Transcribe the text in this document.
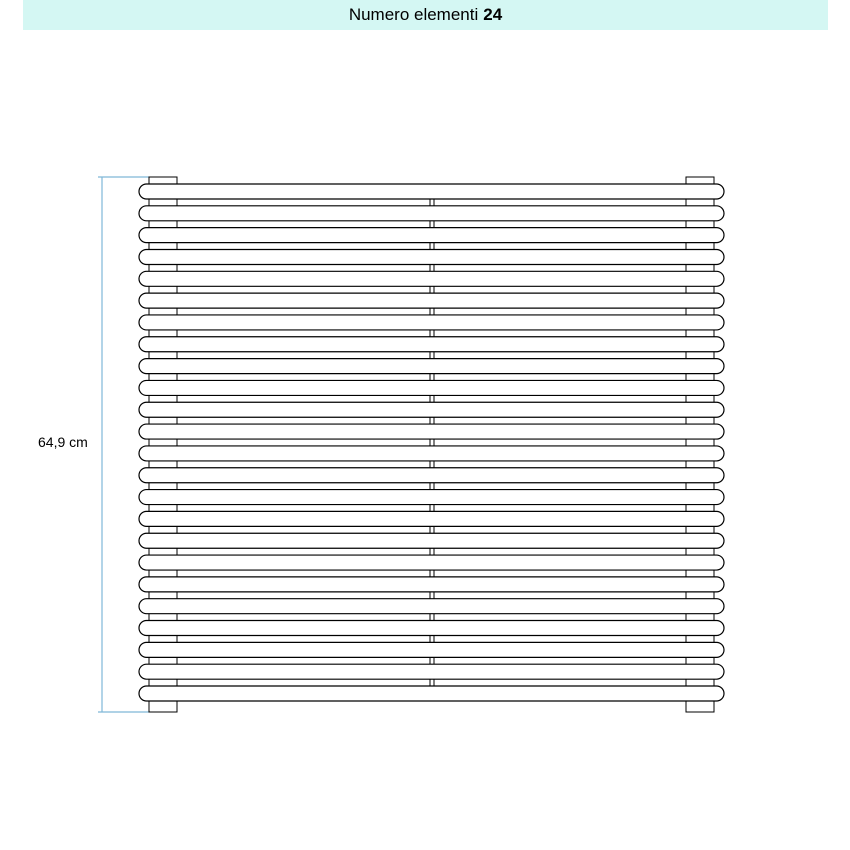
Numero elementi 24
64,9 cm
